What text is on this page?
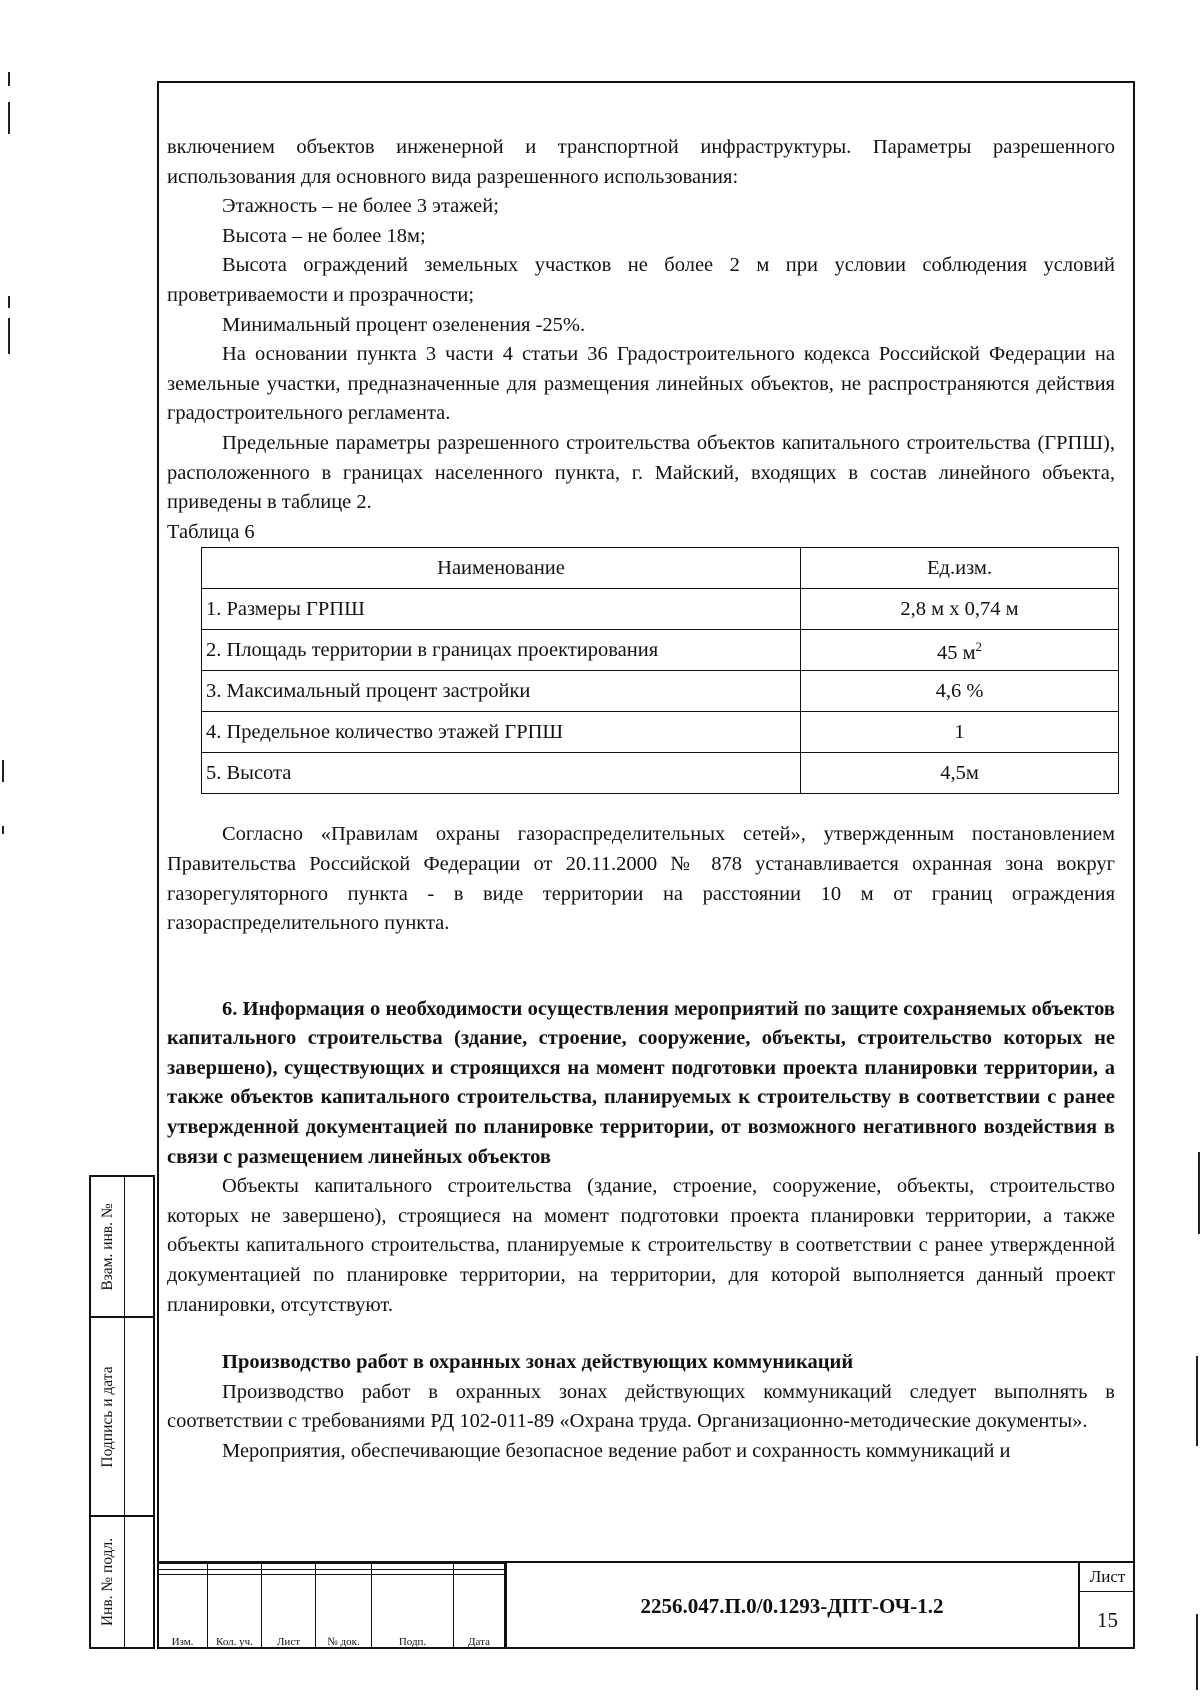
включением объектов инженерной и транспортной инфраструктуры. Параметры разрешенного использования для основного вида разрешенного использования:

Этажность – не более 3 этажей;

Высота – не более 18м;

Высота ограждений земельных участков не более 2 м при условии соблюдения условий проветриваемости и прозрачности;

Минимальный процент озеленения -25%.

На основании пункта 3 части 4 статьи 36 Градостроительного кодекса Российской Федерации на земельные участки, предназначенные для размещения линейных объектов, не распространяются действия градостроительного регламента.

Предельные параметры разрешенного строительства объектов капитального строительства (ГРПШ), расположенного в границах населенного пункта, г. Майский, входящих в состав линейного объекта, приведены в таблице 2.

Таблица 6

Наименование	Ед.изм.
1. Размеры ГРПШ	2,8 м х 0,74 м
2. Площадь территории в границах проектирования	45 $м^2$
3. Максимальный процент застройки	4,6 %
4. Предельное количество этажей ГРПШ	1
5. Высота	4,5м

Согласно «Правилам охраны газораспределительных сетей», утвержденным постановлением Правительства Российской Федерации от 20.11.2000 № 878 устанавливается охранная зона вокруг газорегуляторного пункта - в виде территории на расстоянии 10 м от границ ограждения газораспределительного пункта.

6. Информация о необходимости осуществления мероприятий по защите сохраняемых объектов капитального строительства (здание, строение, сооружение, объекты, строительство которых не завершено), существующих и строящихся на момент подготовки проекта планировки территории, а также объектов капитального строительства, планируемых к строительству в соответствии с ранее утвержденной документацией по планировке территории, от возможного негативного воздействия в связи с размещением линейных объектов

Объекты капитального строительства (здание, строение, сооружение, объекты, строительство которых не завершено), строящиеся на момент подготовки проекта планировки территории, а также объекты капитального строительства, планируемые к строительству в соответствии с ранее утвержденной документацией по планировке территории, на территории, для которой выполняется данный проект планировки, отсутствуют.

Производство работ в охранных зонах действующих коммуникаций

Производство работ в охранных зонах действующих коммуникаций следует выполнять в соответствии с требованиями РД 102-011-89 «Охрана труда. Организационно-методические документы».

Мероприятия, обеспечивающие безопасное ведение работ и сохранность коммуникаций и

Взам. инв. №
Подпись и дата
Инв. № подл.

Изм.	Кол. уч.	Лист	№ док.	Подп.	Дата
2256.047.П.0/0.1293-ДПТ-ОЧ-1.2
Лист
15
